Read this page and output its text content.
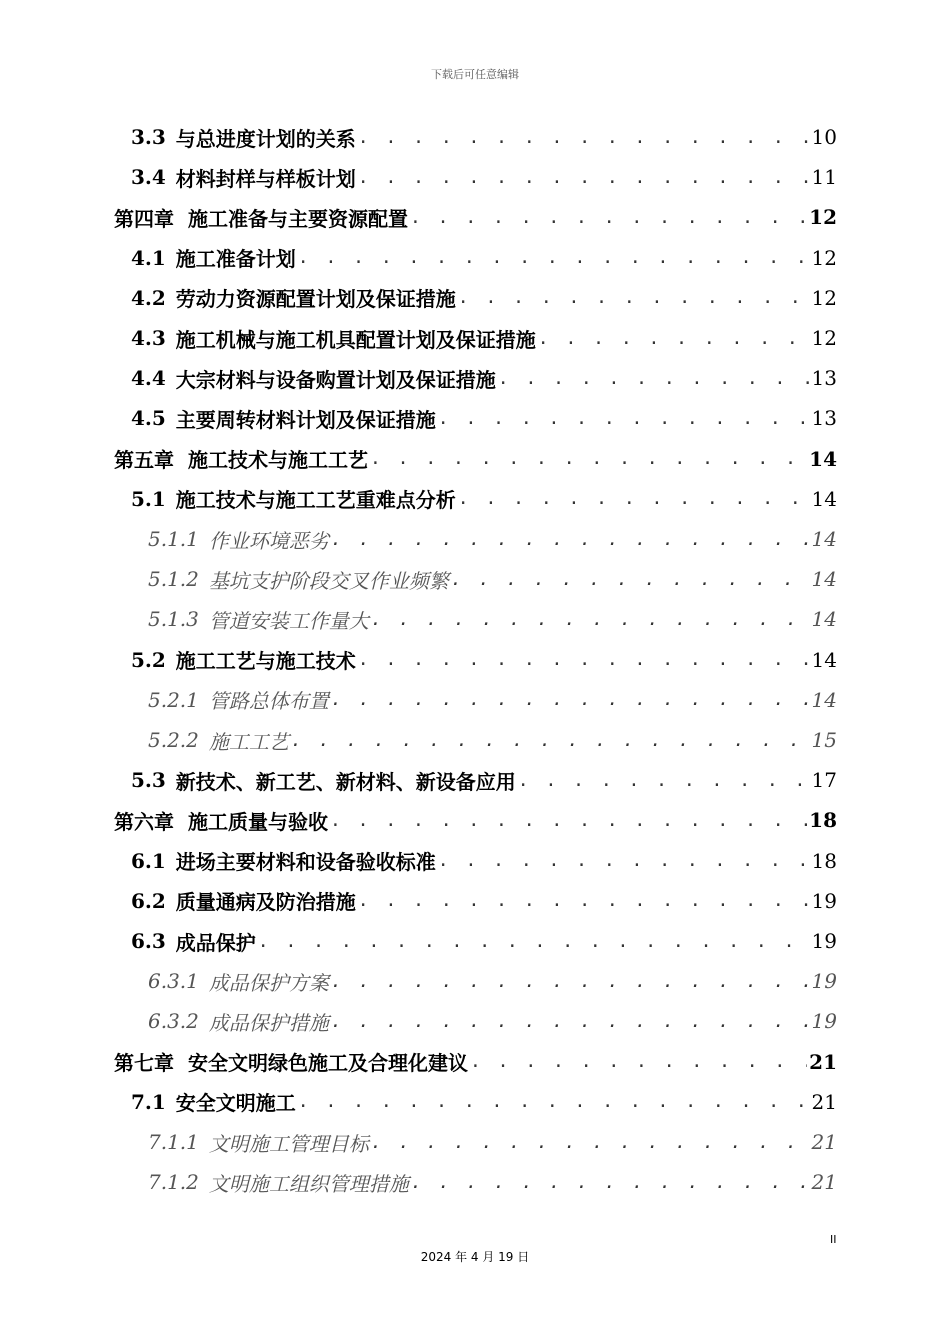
下载后可任意编辑
3.3 与总进度计划的关系 . . .	10
3.4 材料封样与样板计划 . . .	11
第四章 施工准备与主要资源配置 . . .	12
4.1 施工准备计划 . . .	12
4.2 劳动力资源配置计划及保证措施 . . .	12
4.3 施工机械与施工机具配置计划及保证措施 . . .	12
4.4 大宗材料与设备购置计划及保证措施 . . .	13
4.5 主要周转材料计划及保证措施 . . .	13
第五章 施工技术与施工工艺 . . .	14
5.1 施工技术与施工工艺重难点分析 . . .	14
5.1.1 作业环境恶劣 . . .	14
5.1.2 基坑支护阶段交叉作业频繁 . . .	14
5.1.3 管道安装工作量大 . . .	14
5.2 施工工艺与施工技术 . . .	14
5.2.1 管路总体布置 . . .	14
5.2.2 施工工艺 . . .	15
5.3 新技术、新工艺、新材料、新设备应用 . . .	17
第六章 施工质量与验收 . . .	18
6.1 进场主要材料和设备验收标准 . . .	18
6.2 质量通病及防治措施 . . .	19
6.3 成品保护 . . .	19
6.3.1 成品保护方案 . . .	19
6.3.2 成品保护措施 . . .	19
第七章 安全文明绿色施工及合理化建议 . . .	21
7.1 安全文明施工 . . .	21
7.1.1 文明施工管理目标 . . .	21
7.1.2 文明施工组织管理措施 . . .	21
II
2024 年 4 月 19 日
